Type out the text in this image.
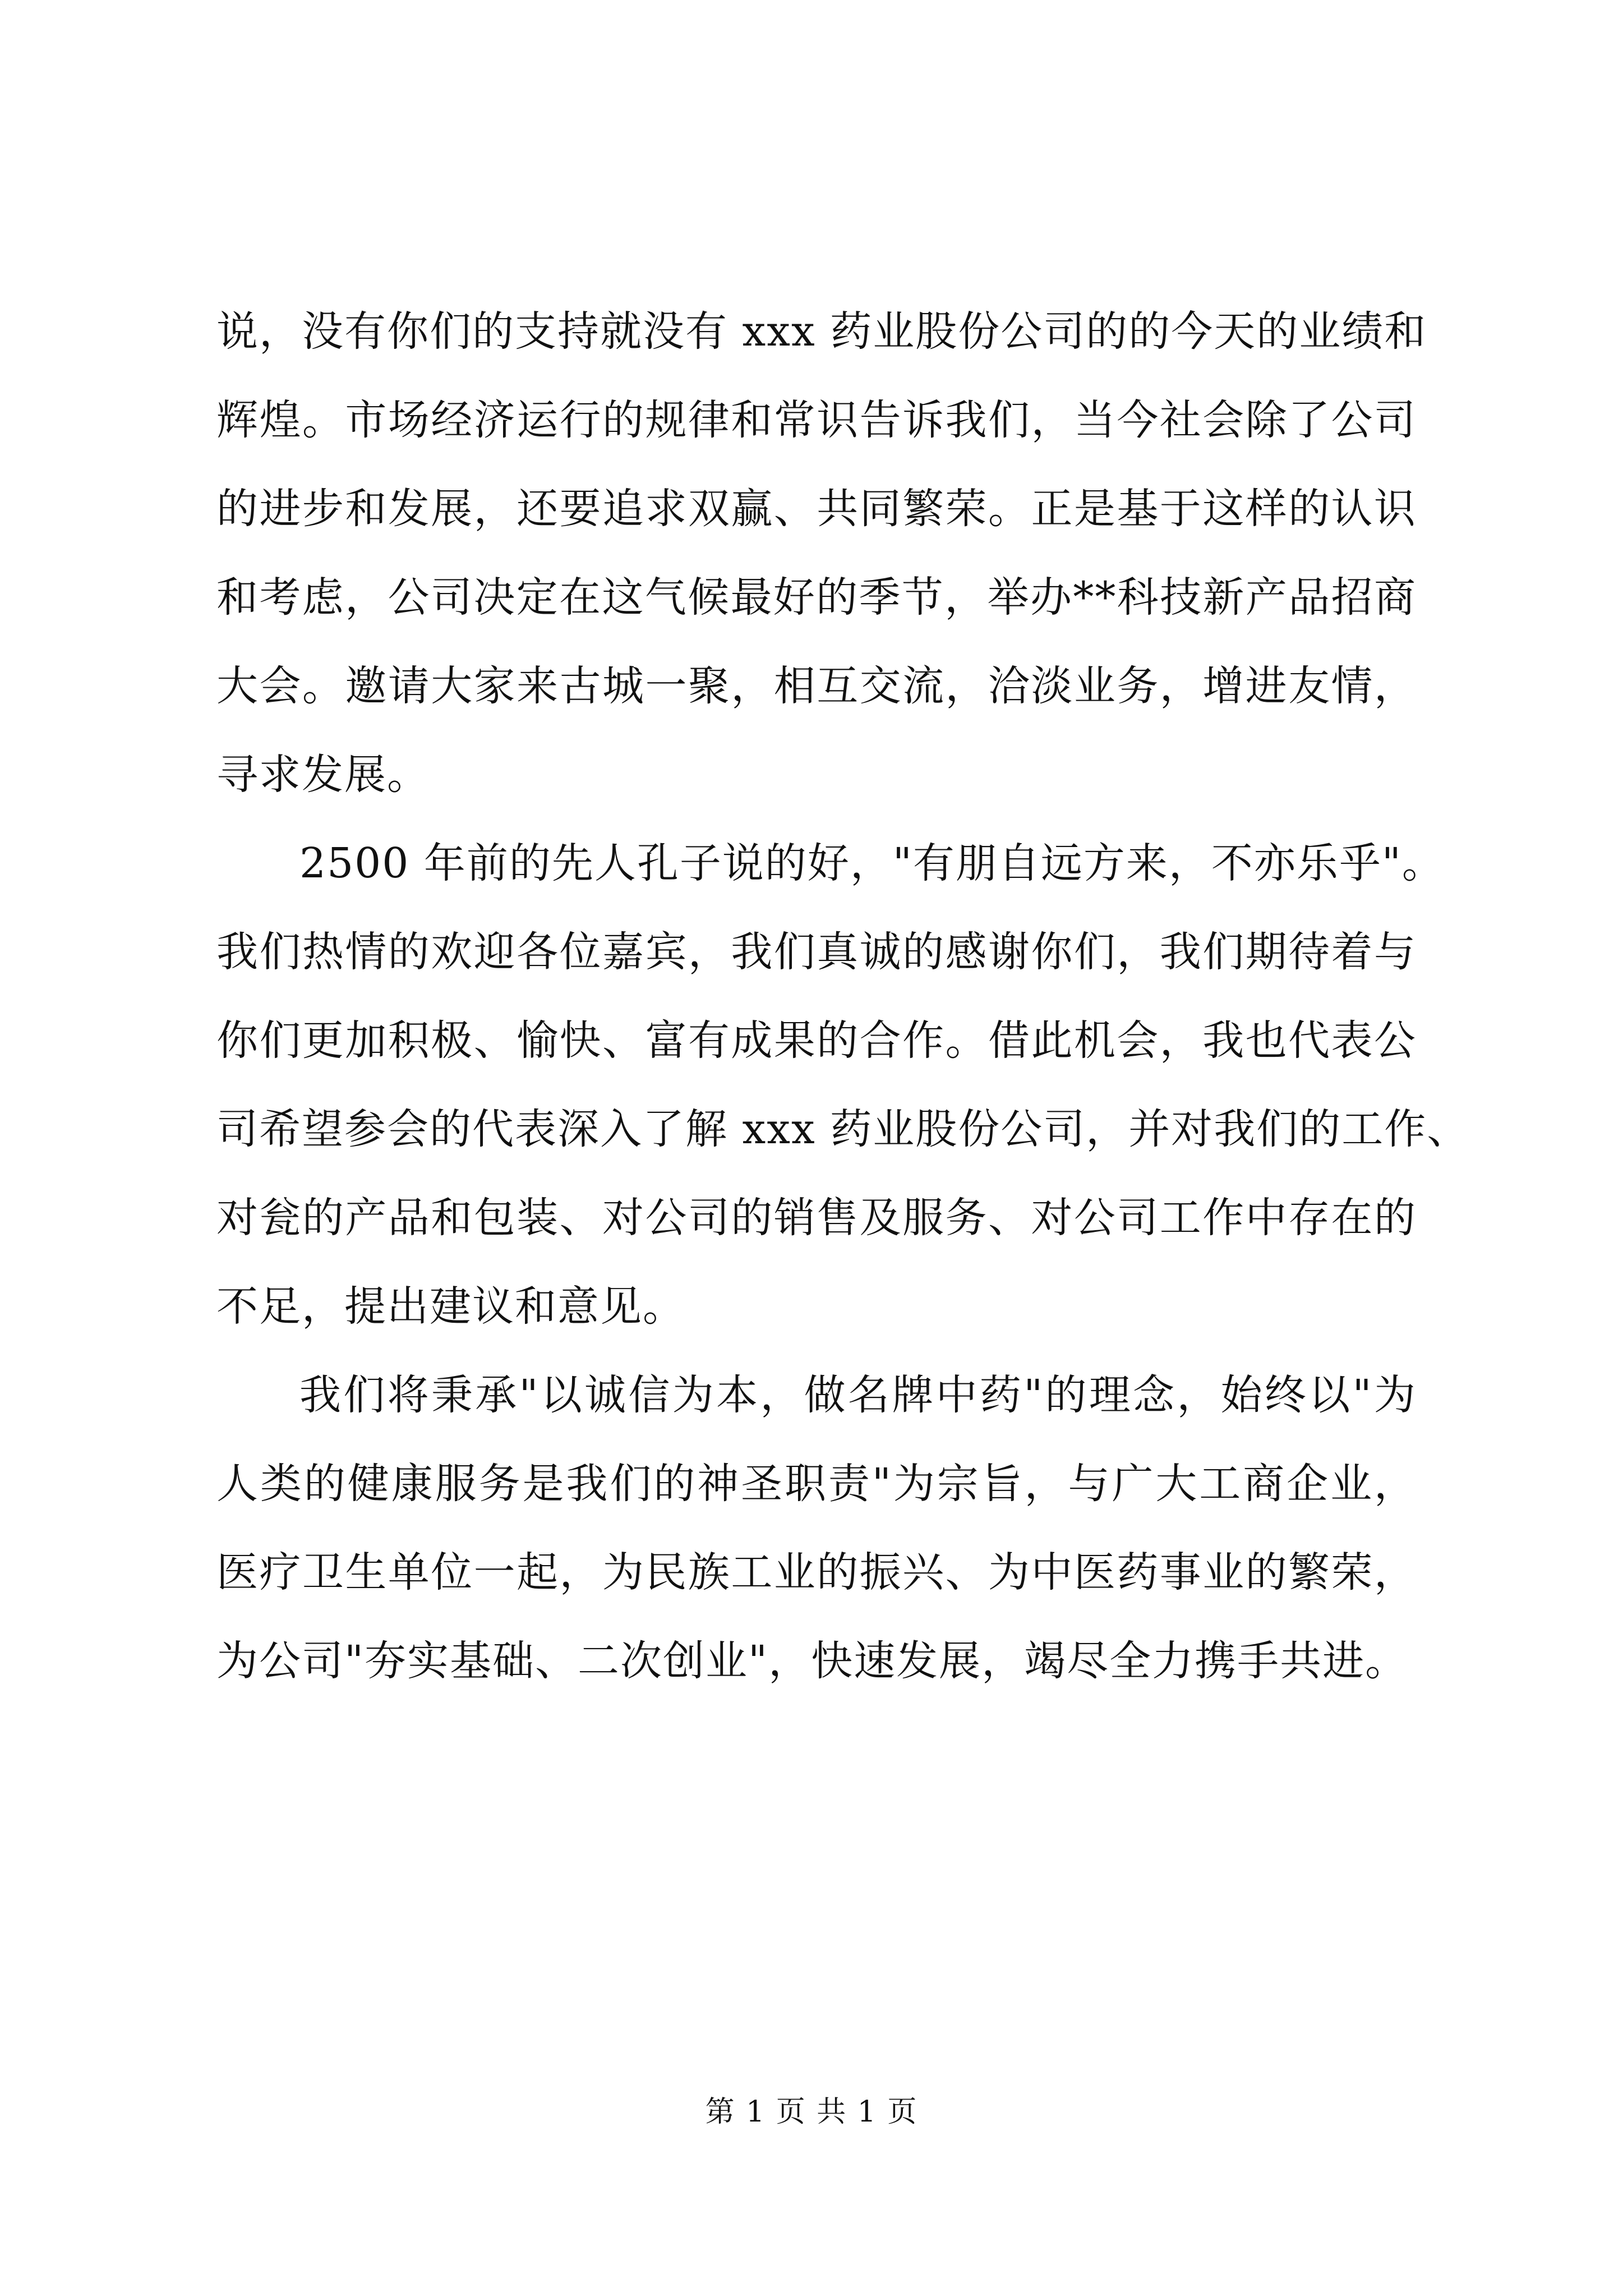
说，没有你们的支持就没有 xxx 药业股份公司的的今天的业绩和
辉煌。市场经济运行的规律和常识告诉我们，当今社会除了公司
的进步和发展，还要追求双赢、共同繁荣。正是基于这样的认识
和考虑，公司决定在这气候最好的季节，举办**科技新产品招商
大会。邀请大家来古城一聚，相互交流，洽淡业务，增进友情，
寻求发展。
2500 年前的先人孔子说的好，"有朋自远方来，不亦乐乎"。
我们热情的欢迎各位嘉宾，我们真诚的感谢你们，我们期待着与
你们更加积极、愉快、富有成果的合作。借此机会，我也代表公
司希望参会的代表深入了解 xxx 药业股份公司，并对我们的工作、
对瓮的产品和包装、对公司的销售及服务、对公司工作中存在的
不足，提出建议和意见。
我们将秉承"以诚信为本，做名牌中药"的理念，始终以"为
人类的健康服务是我们的神圣职责"为宗旨，与广大工商企业，
医疗卫生单位一起，为民族工业的振兴、为中医药事业的繁荣，
为公司"夯实基础、二次创业"，快速发展，竭尽全力携手共进。
第 1 页 共 1 页
